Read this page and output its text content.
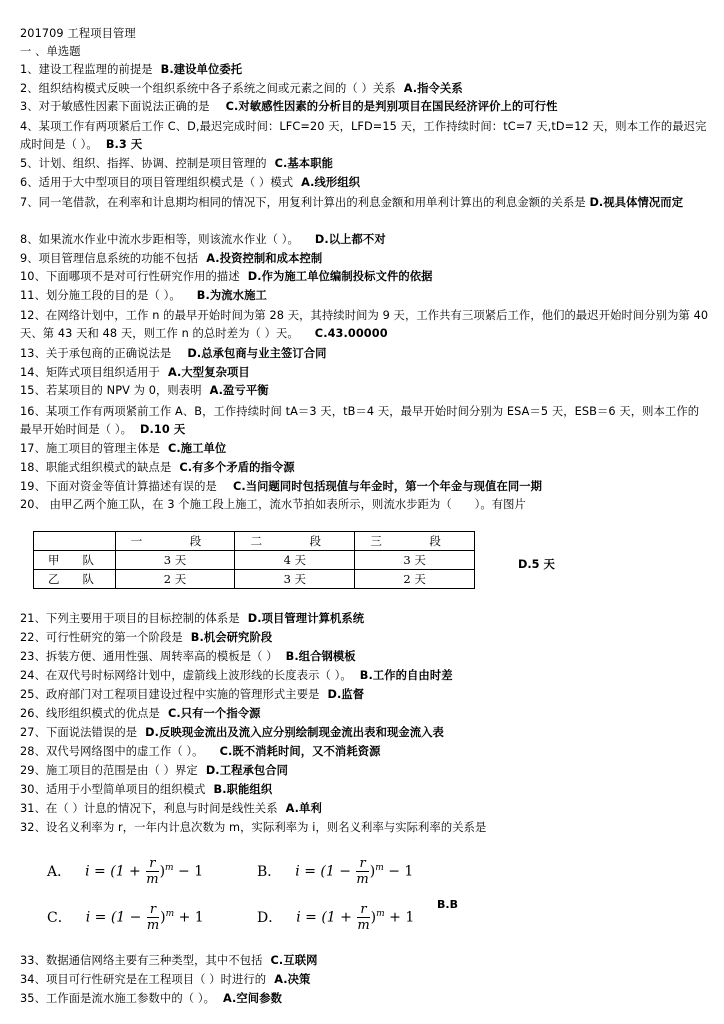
201709 工程项目管理
一 、单选题
1、建设工程监理的前提是 B.建设单位委托
2、组织结构模式反映一个组织系统中各子系统之间或元素之间的（ ）关系 A.指令关系
3、对于敏感性因素下面说法正确的是 C.对敏感性因素的分析目的是判别项目在国民经济评价上的可行性
4、某项工作有两项紧后工作 C、D,最迟完成时间：LFC=20 天，LFD=15 天，工作持续时间：tC=7 天,tD=12 天，则本工作的最迟完成时间是（ ）。 B.3 天
5、计划、组织、指挥、协调、控制是项目管理的 C.基本职能
6、适用于大中型项目的项目管理组织模式是（ ）模式 A.线形组织
7、同一笔借款，在利率和计息期均相同的情况下，用复利计算出的利息金额和用单利计算出的利息金额的关系是 D.视具体情况而定
8、如果流水作业中流水步距相等，则该流水作业（ ）。 D.以上都不对
9、项目管理信息系统的功能不包括 A.投资控制和成本控制
10、下面哪项不是对可行性研究作用的描述 D.作为施工单位编制投标文件的依据
11、划分施工段的目的是（ ）。 B.为流水施工
12、在网络计划中，工作 n 的最早开始时间为第 28 天，其持续时间为 9 天，工作共有三项紧后工作，他们的最迟开始时间分别为第 40 天、第 43 天和 48 天，则工作 n 的总时差为（ ）天。 C.43.00000
13、关于承包商的正确说法是 D.总承包商与业主签订合同
14、矩阵式项目组织适用于 A.大型复杂项目
15、若某项目的 NPV 为 0，则表明 A.盈亏平衡
16、某项工作有两项紧前工作 A、B，工作持续时间 tA＝3 天，tB＝4 天，最早开始时间分别为 ESA＝5 天，ESB＝6 天，则本工作的最早开始时间是（ ）。 D.10 天
17、施工项目的管理主体是 C.施工单位
18、职能式组织模式的缺点是 C.有多个矛盾的指令源
19、下面对资金等值计算描述有误的是 C.当问题同时包括现值与年金时，第一个年金与现值在同一期
20、 由甲乙两个施工队，在 3 个施工段上施工，流水节拍如表所示，则流水步距为（　　）。有图片
	一　段	二　段	三　段
甲　　队	3 天	4 天	3 天
乙　　队	2 天	3 天	2 天
D.5 天
21、下列主要用于项目的目标控制的体系是 D.项目管理计算机系统
22、可行性研究的第一个阶段是 B.机会研究阶段
23、拆装方便、通用性强、周转率高的模板是（ ） B.组合钢模板
24、在双代号时标网络计划中，虚箭线上波形线的长度表示（ ）。 B.工作的自由时差
25、政府部门对工程项目建设过程中实施的管理形式主要是 D.监督
26、线形组织模式的优点是 C.只有一个指令源
27、下面说法错误的是 D.反映现金流出及流入应分别绘制现金流出表和现金流入表
28、双代号网络图中的虚工作（ ）。 C.既不消耗时间，又不消耗资源
29、施工项目的范围是由（ ）界定 D.工程承包合同
30、适用于小型简单项目的组织模式 B.职能组织
31、在（ ）计息的情况下，利息与时间是线性关系 A.单利
32、设名义利率为 r，一年内计息次数为 m，实际利率为 i，则名义利率与实际利率的关系是
A． $i = (1 + \frac{r}{m} )^m - 1$	B． $i = (1 - \frac{r}{m} )^m - 1$
C． $i = (1 - \frac{r}{m} )^m + 1$	D． $i = (1 + \frac{r}{m} )^m + 1$
B.B
33、数据通信网络主要有三种类型，其中不包括 C.互联网
34、项目可行性研究是在工程项目（ ）时进行的 A.决策
35、工作面是流水施工参数中的（ ）。 A.空间参数
